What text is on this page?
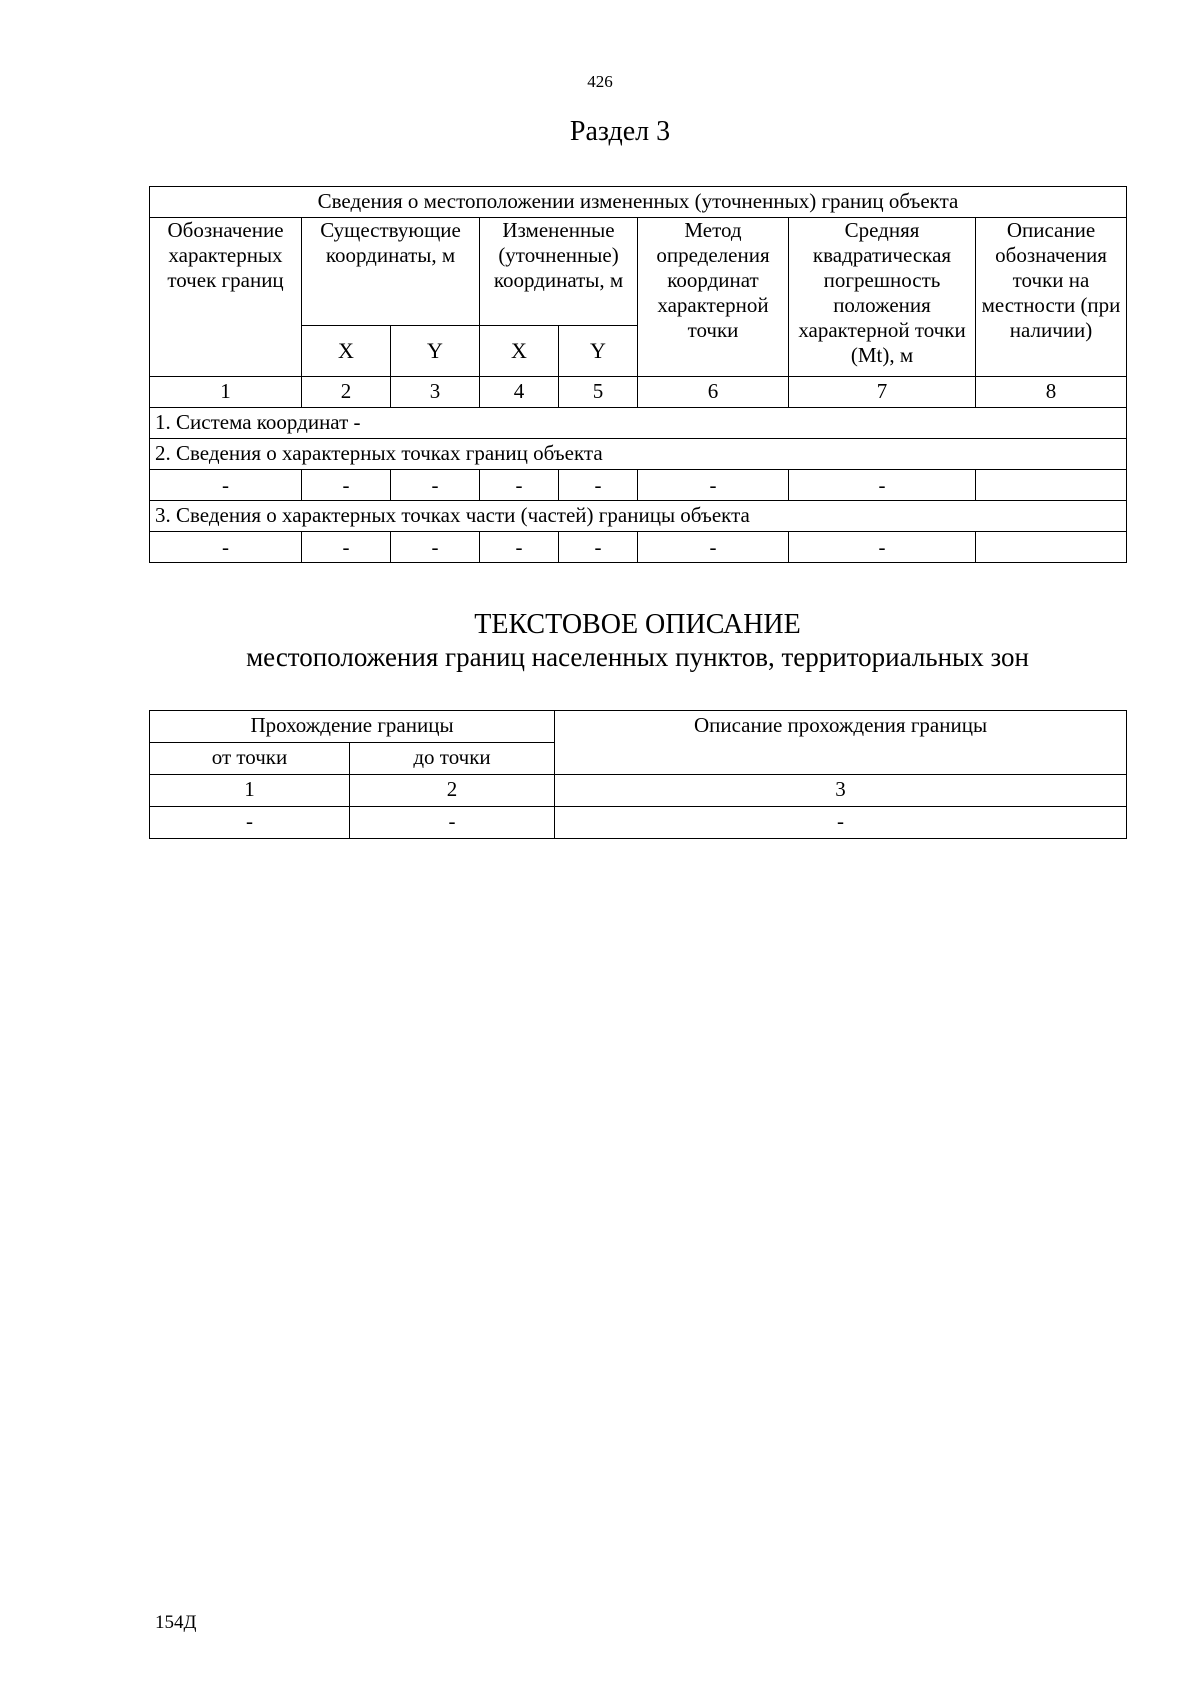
426
Раздел 3
Сведения о местоположении измененных (уточненных) границ объекта							
Обозначение характерных точек границ	Существующие координаты, м		Измененные (уточненные) координаты, м		Метод определения координат характерной точки	Средняя квадратическая погрешность положения характерной точки (Mt), м	Описание обозначения точки на местности (при наличии)
	X	Y	X	Y			
1	2	3	4	5	6	7	8
1. Система координат -							
2. Сведения о характерных точках границ объекта							
-	-	-	-	-	-	-	
3. Сведения о характерных точках части (частей) границы объекта							
-	-	-	-	-	-	-	
ТЕКСТОВОЕ ОПИСАНИЕ
местоположения границ населенных пунктов, территориальных зон
Прохождение границы		Описание прохождения границы
от точки	до точки	
1	2	3
-	-	-
154Д
